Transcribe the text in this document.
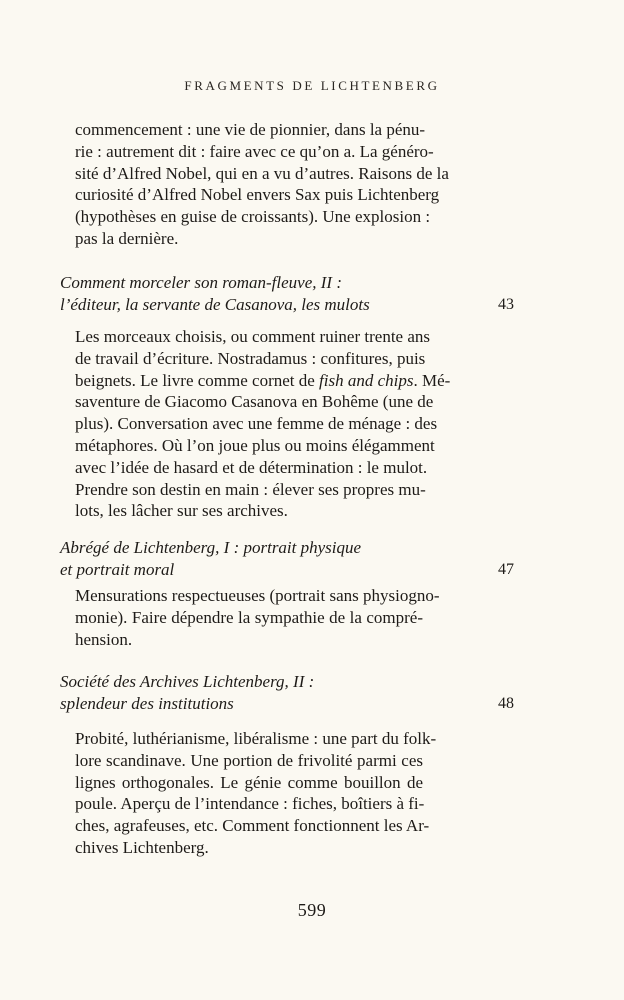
FRAGMENTS DE LICHTENBERG
commencement : une vie de pionnier, dans la pénu-
rie : autrement dit : faire avec ce qu’on a. La généro-
sité d’Alfred Nobel, qui en a vu d’autres. Raisons de la
curiosité d’Alfred Nobel envers Sax puis Lichtenberg
(hypothèses en guise de croissants). Une explosion :
pas la dernière.
Comment morceler son roman-fleuve, II :
l’éditeur, la servante de Casanova, les mulots	43
Les morceaux choisis, ou comment ruiner trente ans
de travail d’écriture. Nostradamus : confitures, puis
beignets. Le livre comme cornet de fish and chips. Mé-
saventure de Giacomo Casanova en Bohême (une de
plus). Conversation avec une femme de ménage : des
métaphores. Où l’on joue plus ou moins élégamment
avec l’idée de hasard et de détermination : le mulot.
Prendre son destin en main : élever ses propres mu-
lots, les lâcher sur ses archives.
Abrégé de Lichtenberg, I : portrait physique
et portrait moral	47
Mensurations respectueuses (portrait sans physiogno-
monie). Faire dépendre la sympathie de la compré-
hension.
Société des Archives Lichtenberg, II :
splendeur des institutions	48
Probité, luthérianisme, libéralisme : une part du folk-
lore scandinave. Une portion de frivolité parmi ces
lignes orthogonales. Le génie comme bouillon de
poule. Aperçu de l’intendance : fiches, boîtiers à fi-
ches, agrafeuses, etc. Comment fonctionnent les Ar-
chives Lichtenberg.
599
